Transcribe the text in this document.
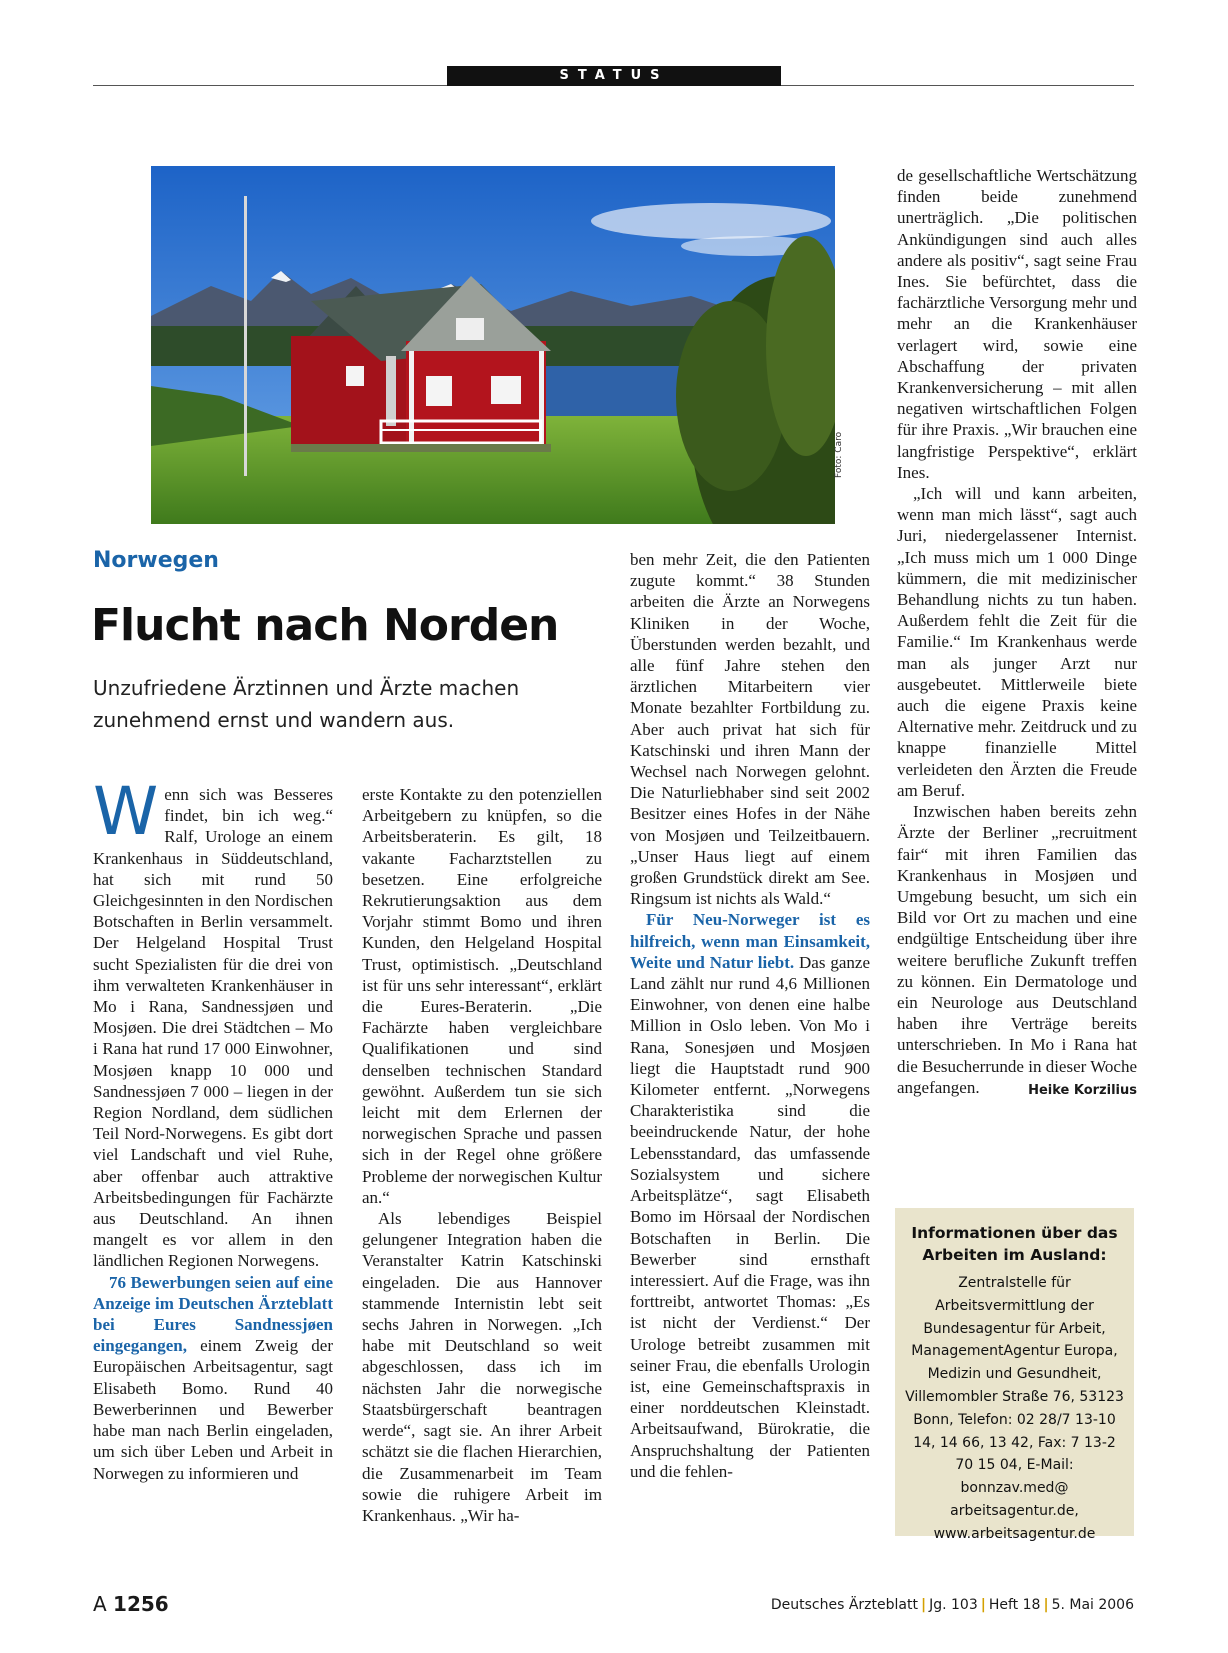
STATUS
Foto: Caro
Norwegen
Flucht nach Norden
Unzufriedene Ärztinnen und Ärzte machen zunehmend ernst und wandern aus.

Wenn sich was Besseres findet, bin ich weg.“ Ralf, Urologe an einem Krankenhaus in Süddeutschland, hat sich mit rund 50 Gleichgesinnten in den Nordischen Botschaften in Berlin versammelt. Der Helgeland Hospital Trust sucht Spezialisten für die drei von ihm verwalteten Krankenhäuser in Mo i Rana, Sandnessjøen und Mosjøen. Die drei Städtchen – Mo i Rana hat rund 17 000 Einwohner, Mosjøen knapp 10 000 und Sandnessjøen 7 000 – liegen in der Region Nordland, dem südlichen Teil Nord-Norwegens. Es gibt dort viel Landschaft und viel Ruhe, aber offenbar auch attraktive Arbeitsbedingungen für Fachärzte aus Deutschland. An ihnen mangelt es vor allem in den ländlichen Regionen Norwegens.

76 Bewerbungen seien auf eine Anzeige im Deutschen Ärzteblatt bei Eures Sandnessjøen eingegangen, einem Zweig der Europäischen Arbeitsagentur, sagt Elisabeth Bomo. Rund 40 Bewerberinnen und Bewerber habe man nach Berlin eingeladen, um sich über Leben und Arbeit in Norwegen zu informieren und

erste Kontakte zu den potenziellen Arbeitgebern zu knüpfen, so die Arbeitsberaterin. Es gilt, 18 vakante Facharztstellen zu besetzen. Eine erfolgreiche Rekrutierungsaktion aus dem Vorjahr stimmt Bomo und ihren Kunden, den Helgeland Hospital Trust, optimistisch. „Deutschland ist für uns sehr interessant“, erklärt die Eures-Beraterin. „Die Fachärzte haben vergleichbare Qualifikationen und sind denselben technischen Standard gewöhnt. Außerdem tun sie sich leicht mit dem Erlernen der norwegischen Sprache und passen sich in der Regel ohne größere Probleme der norwegischen Kultur an.“

Als lebendiges Beispiel gelungener Integration haben die Veranstalter Katrin Katschinski eingeladen. Die aus Hannover stammende Internistin lebt seit sechs Jahren in Norwegen. „Ich habe mit Deutschland so weit abgeschlossen, dass ich im nächsten Jahr die norwegische Staatsbürgerschaft beantragen werde“, sagt sie. An ihrer Arbeit schätzt sie die flachen Hierarchien, die Zusammenarbeit im Team sowie die ruhigere Arbeit im Krankenhaus. „Wir ha-

ben mehr Zeit, die den Patienten zugute kommt.“ 38 Stunden arbeiten die Ärzte an Norwegens Kliniken in der Woche, Überstunden werden bezahlt, und alle fünf Jahre stehen den ärztlichen Mitarbeitern vier Monate bezahlter Fortbildung zu. Aber auch privat hat sich für Katschinski und ihren Mann der Wechsel nach Norwegen gelohnt. Die Naturliebhaber sind seit 2002 Besitzer eines Hofes in der Nähe von Mosjøen und Teilzeitbauern. „Unser Haus liegt auf einem großen Grundstück direkt am See. Ringsum ist nichts als Wald.“

Für Neu-Norweger ist es hilfreich, wenn man Einsamkeit, Weite und Natur liebt. Das ganze Land zählt nur rund 4,6 Millionen Einwohner, von denen eine halbe Million in Oslo leben. Von Mo i Rana, Sonesjøen und Mosjøen liegt die Hauptstadt rund 900 Kilometer entfernt. „Norwegens Charakteristika sind die beeindruckende Natur, der hohe Lebensstandard, das umfassende Sozialsystem und sichere Arbeitsplätze“, sagt Elisabeth Bomo im Hörsaal der Nordischen Botschaften in Berlin. Die Bewerber sind ernsthaft interessiert. Auf die Frage, was ihn forttreibt, antwortet Thomas: „Es ist nicht der Verdienst.“ Der Urologe betreibt zusammen mit seiner Frau, die ebenfalls Urologin ist, eine Gemeinschaftspraxis in einer norddeutschen Kleinstadt. Arbeitsaufwand, Bürokratie, die Anspruchshaltung der Patienten und die fehlen-

de gesellschaftliche Wertschätzung finden beide zunehmend unerträglich. „Die politischen Ankündigungen sind auch alles andere als positiv“, sagt seine Frau Ines. Sie befürchtet, dass die fachärztliche Versorgung mehr und mehr an die Krankenhäuser verlagert wird, sowie eine Abschaffung der privaten Krankenversicherung – mit allen negativen wirtschaftlichen Folgen für ihre Praxis. „Wir brauchen eine langfristige Perspektive“, erklärt Ines.

„Ich will und kann arbeiten, wenn man mich lässt“, sagt auch Juri, niedergelassener Internist. „Ich muss mich um 1 000 Dinge kümmern, die mit medizinischer Behandlung nichts zu tun haben. Außerdem fehlt die Zeit für die Familie.“ Im Krankenhaus werde man als junger Arzt nur ausgebeutet. Mittlerweile biete auch die eigene Praxis keine Alternative mehr. Zeitdruck und zu knappe finanzielle Mittel verleideten den Ärzten die Freude am Beruf.

Inzwischen haben bereits zehn Ärzte der Berliner „recruitment fair“ mit ihren Familien das Krankenhaus in Mosjøen und Umgebung besucht, um sich ein Bild vor Ort zu machen und eine endgültige Entscheidung über ihre weitere berufliche Zukunft treffen zu können. Ein Dermatologe und ein Neurologe aus Deutschland haben ihre Verträge bereits unterschrieben. In Mo i Rana hat die Besucherrunde in dieser Woche angefangen.	Heike Korzilius

Informationen über das Arbeiten im Ausland:
Zentralstelle für Arbeitsvermittlung der Bundesagentur für Arbeit, ManagementAgentur Europa, Medizin und Gesundheit, Villemombler Straße 76, 53123 Bonn, Telefon: 02 28/7 13-10 14, 14 66, 13 42, Fax: 7 13-2 70 15 04, E-Mail: bonnzav.med@ arbeitsagentur.de, www.arbeitsagentur.de
A 1256	Deutsches Ärzteblatt | Jg. 103 | Heft 18 | 5. Mai 2006
